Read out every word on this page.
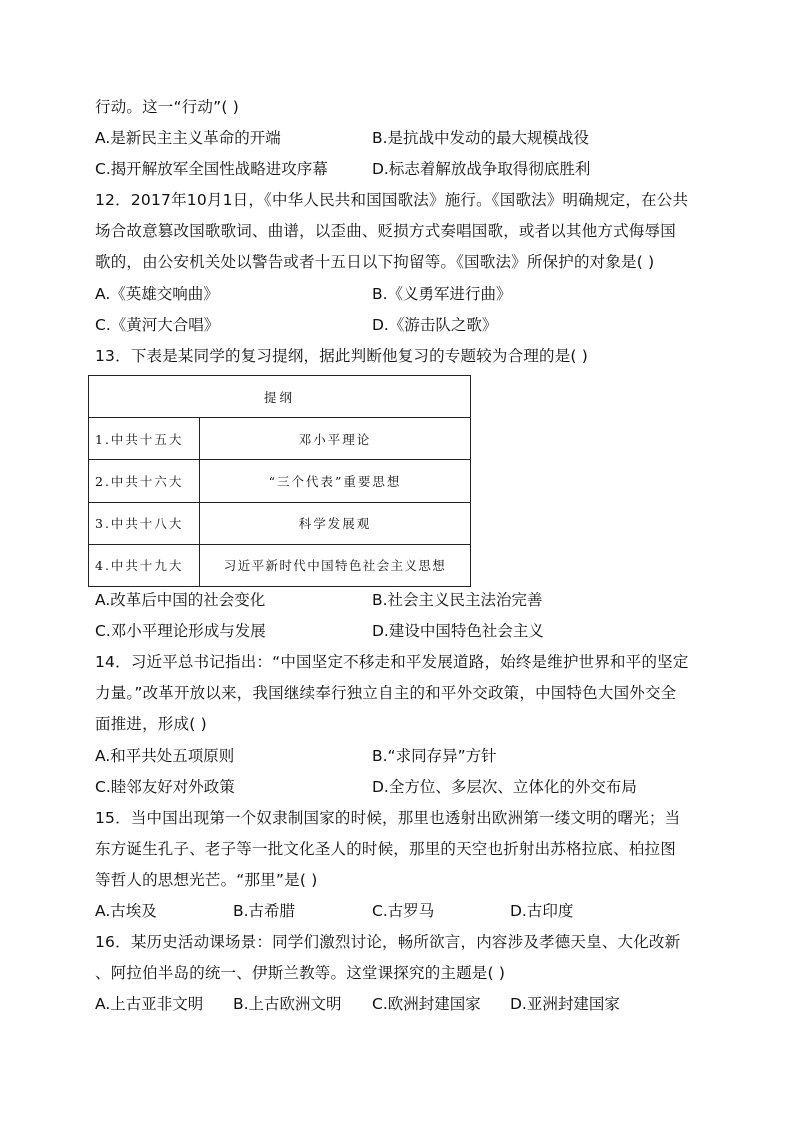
行动。这一“行动”( )
A.是新民主主义革命的开端	B.是抗战中发动的最大规模战役
C.揭开解放军全国性战略进攻序幕	D.标志着解放战争取得彻底胜利
12．2017年10月1日，《中华人民共和国国歌法》施行。《国歌法》明确规定，在公共
场合故意篡改国歌歌词、曲谱，以歪曲、贬损方式奏唱国歌，或者以其他方式侮辱国
歌的，由公安机关处以警告或者十五日以下拘留等。《国歌法》所保护的对象是( )
A.《英雄交响曲》	B.《义勇军进行曲》
C.《黄河大合唱》	D.《游击队之歌》
13．下表是某同学的复习提纲，据此判断他复习的专题较为合理的是( )
提纲	
1.中共十五大	邓小平理论
2.中共十六大	“三个代表”重要思想
3.中共十八大	科学发展观
4.中共十九大	习近平新时代中国特色社会主义思想
A.改革后中国的社会变化	B.社会主义民主法治完善
C.邓小平理论形成与发展	D.建设中国特色社会主义
14．习近平总书记指出：“中国坚定不移走和平发展道路，始终是维护世界和平的坚定
力量。”改革开放以来，我国继续奉行独立自主的和平外交政策，中国特色大国外交全
面推进，形成( )
A.和平共处五项原则	B.“求同存异”方针
C.睦邻友好对外政策	D.全方位、多层次、立体化的外交布局
15．当中国出现第一个奴隶制国家的时候，那里也透射出欧洲第一缕文明的曙光；当
东方诞生孔子、老子等一批文化圣人的时候，那里的天空也折射出苏格拉底、柏拉图
等哲人的思想光芒。“那里”是( )
A.古埃及	B.古希腊	C.古罗马	D.古印度
16．某历史活动课场景：同学们激烈讨论，畅所欲言，内容涉及孝德天皇、大化改新
、阿拉伯半岛的统一、伊斯兰教等。这堂课探究的主题是( )
A.上古亚非文明 B.上古欧洲文明 C.欧洲封建国家 D.亚洲封建国家
